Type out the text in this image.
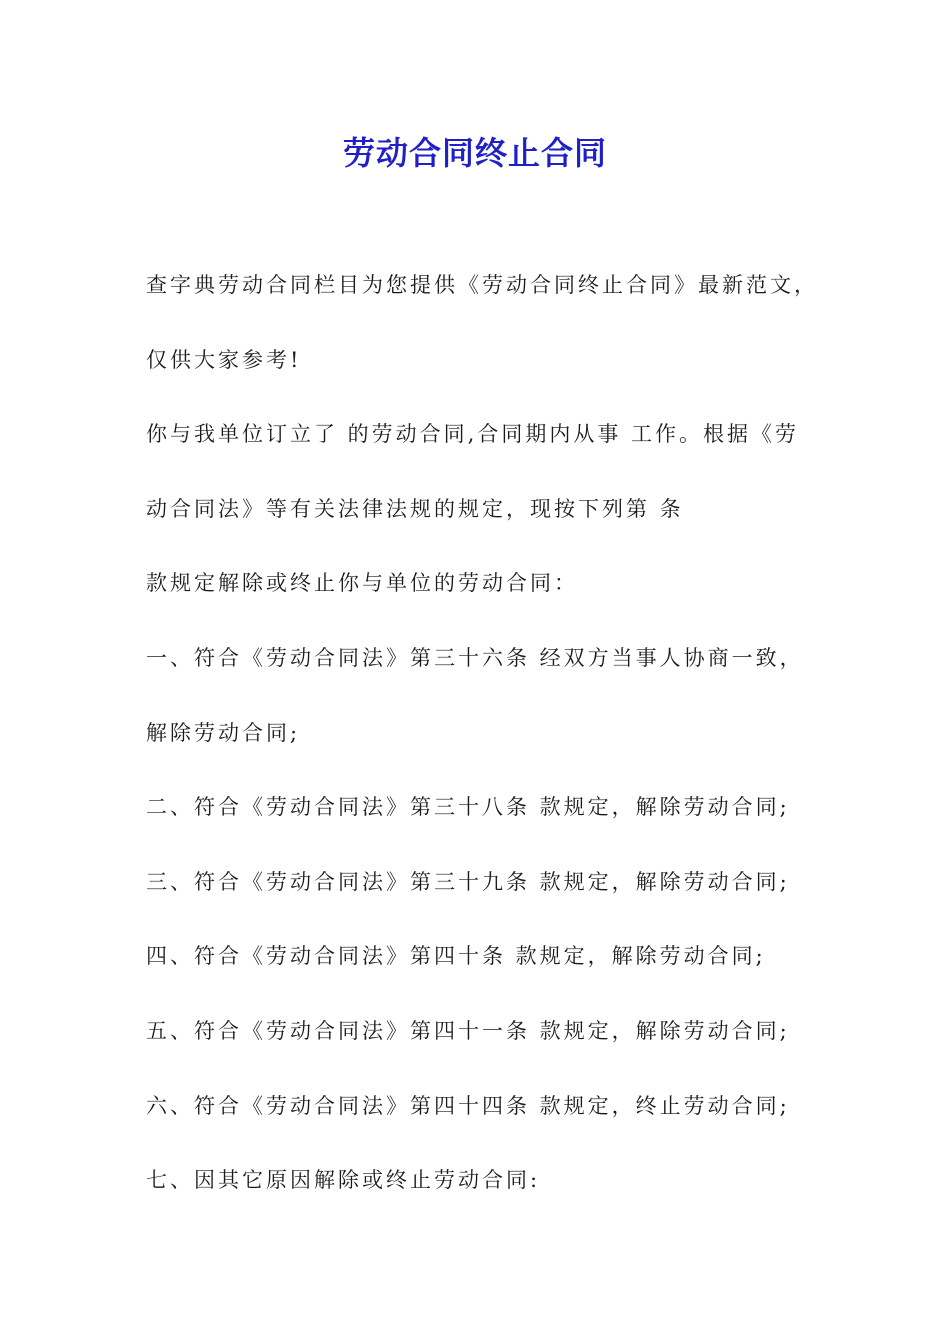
劳动合同终止合同
查字典劳动合同栏目为您提供《劳动合同终止合同》最新范文，
仅供大家参考!
你与我单位订立了 的劳动合同,合同期内从事 工作。根据《劳
动合同法》等有关法律法规的规定，现按下列第 条
款规定解除或终止你与单位的劳动合同：
一、符合《劳动合同法》第三十六条 经双方当事人协商一致，
解除劳动合同;
二、符合《劳动合同法》第三十八条 款规定，解除劳动合同;
三、符合《劳动合同法》第三十九条 款规定，解除劳动合同;
四、符合《劳动合同法》第四十条 款规定，解除劳动合同;
五、符合《劳动合同法》第四十一条 款规定，解除劳动合同;
六、符合《劳动合同法》第四十四条 款规定，终止劳动合同;
七、因其它原因解除或终止劳动合同:
